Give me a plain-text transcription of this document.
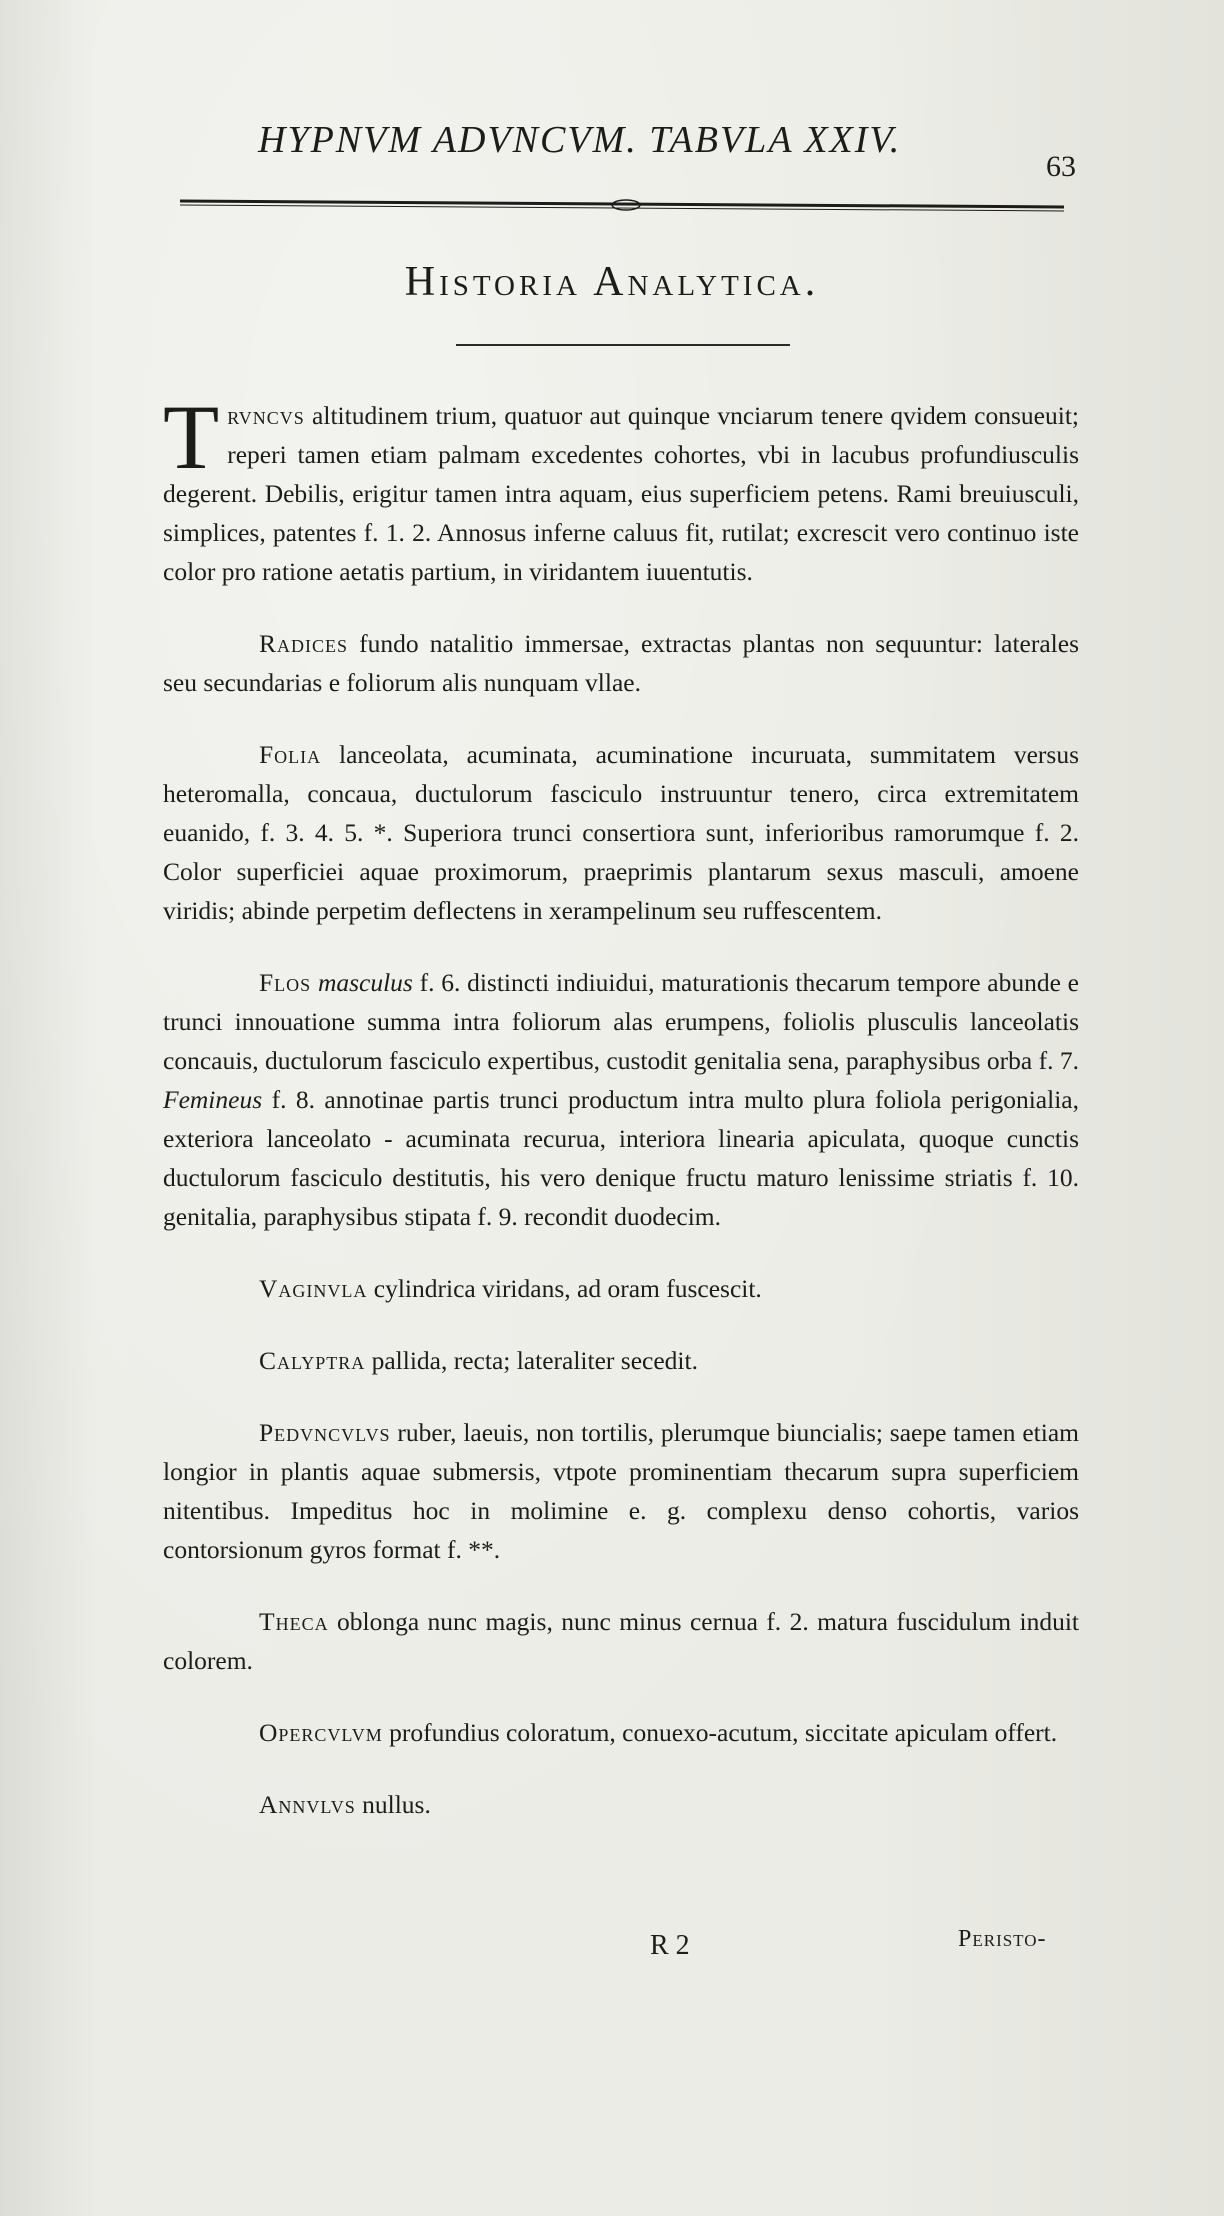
HYPNVM ADVNCVM. TABVLA XXIV.
63
Historia Analytica.

Trvncvs altitudinem trium, quatuor aut quinque vnciarum tenere qvidem consueuit; reperi tamen etiam palmam excedentes cohortes, vbi in lacubus profundiusculis degerent. Debilis, erigitur tamen intra aquam, eius superficiem petens. Rami breuiusculi, simplices, patentes f. 1. 2. Annosus inferne caluus fit, rutilat; excrescit vero continuo iste color pro ratione aetatis partium, in viridantem iuuentutis.

Radices fundo natalitio immersae, extractas plantas non sequuntur: laterales seu secundarias e foliorum alis nunquam vllae.

Folia lanceolata, acuminata, acuminatione incuruata, summitatem versus heteromalla, concaua, ductulorum fasciculo instruuntur tenero, circa extremitatem euanido, f. 3. 4. 5. *. Superiora trunci consertiora sunt, inferioribus ramorumque f. 2. Color superficiei aquae proximorum, praeprimis plantarum sexus masculi, amoene viridis; abinde perpetim deflectens in xerampelinum seu ruffescentem.

Flos masculus f. 6. distincti indiuidui, maturationis thecarum tempore abunde e trunci innouatione summa intra foliorum alas erumpens, foliolis plusculis lanceolatis concauis, ductulorum fasciculo expertibus, custodit genitalia sena, paraphysibus orba f. 7. Femineus f. 8. annotinae partis trunci productum intra multo plura foliola perigonialia, exteriora lanceolato - acuminata recurua, interiora linearia apiculata, quoque cunctis ductulorum fasciculo destitutis, his vero denique fructu maturo lenissime striatis f. 10. genitalia, paraphysibus stipata f. 9. recondit duodecim.

Vaginvla cylindrica viridans, ad oram fuscescit.

Calyptra pallida, recta; lateraliter secedit.

Pedvncvlvs ruber, laeuis, non tortilis, plerumque biuncialis; saepe tamen etiam longior in plantis aquae submersis, vtpote prominentiam thecarum supra superficiem nitentibus. Impeditus hoc in molimine e. g. complexu denso cohortis, varios contorsionum gyros format f. **.

Theca oblonga nunc magis, nunc minus cernua f. 2. matura fuscidulum induit colorem.

Opercvlvm profundius coloratum, conuexo-acutum, siccitate apiculam offert.

Annvlvs nullus.

R 2	Peristo-
